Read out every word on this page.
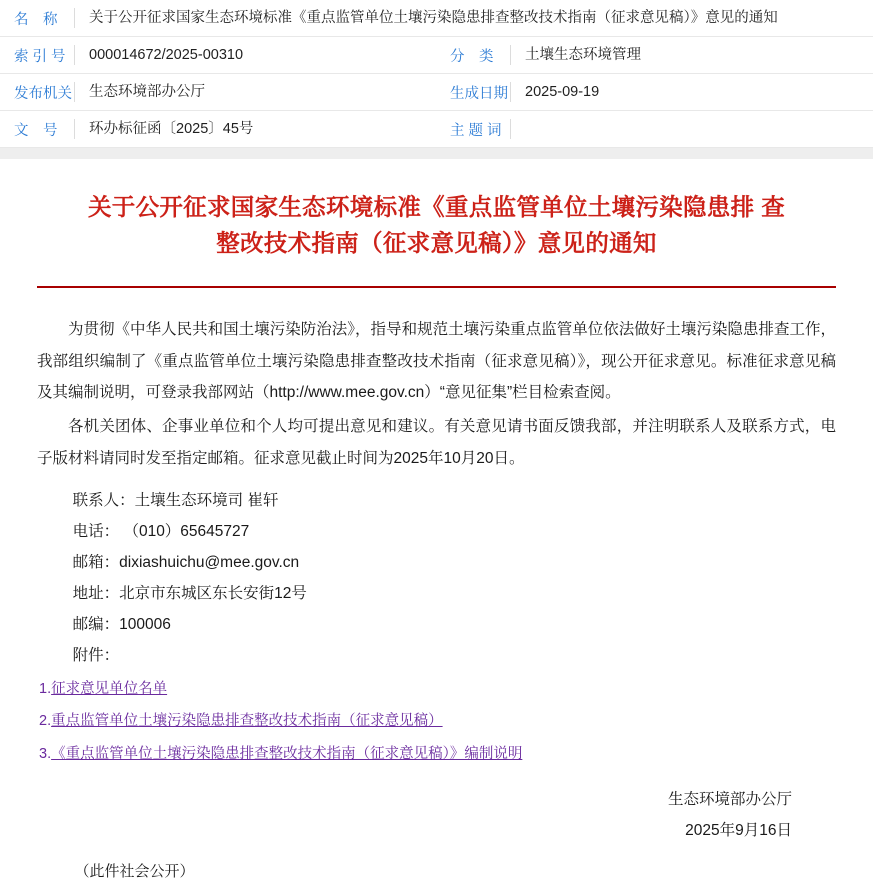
名　称	关于公开征求国家生态环境标准《重点监管单位土壤污染隐患排查整改技术指南（征求意见稿）》意见的通知
索 引 号	000014672/2025-00310	分　类	土壤生态环境管理
发布机关	生态环境部办公厅	生成日期	2025-09-19
文　号	环办标征函〔2025〕45号	主 题 词
关于公开征求国家生态环境标准《重点监管单位土壤污染隐患排 查整改技术指南（征求意见稿）》意见的通知

为贯彻《中华人民共和国土壤污染防治法》，指导和规范土壤污染重点监管单位依法做好土壤污染隐患排查工作，我部组织编制了《重点监管单位土壤污染隐患排查整改技术指南（征求意见稿）》，现公开征求意见。标准征求意见稿及其编制说明，可登录我部网站（http://www.mee.gov.cn）“意见征集”栏目检索查阅。

各机关团体、企事业单位和个人均可提出意见和建议。有关意见请书面反馈我部，并注明联系人及联系方式，电子版材料请同时发至指定邮箱。征求意见截止时间为2025年10月20日。

联系人：土壤生态环境司 崔轩
电话： （010）65645727
邮箱：dixiashuichu@mee.gov.cn
地址：北京市东城区东长安街12号
邮编：100006
附件：
1.征求意见单位名单
2.重点监管单位土壤污染隐患排查整改技术指南（征求意见稿）
3.《重点监管单位土壤污染隐患排查整改技术指南（征求意见稿）》编制说明
生态环境部办公厅
2025年9月16日
（此件社会公开）
